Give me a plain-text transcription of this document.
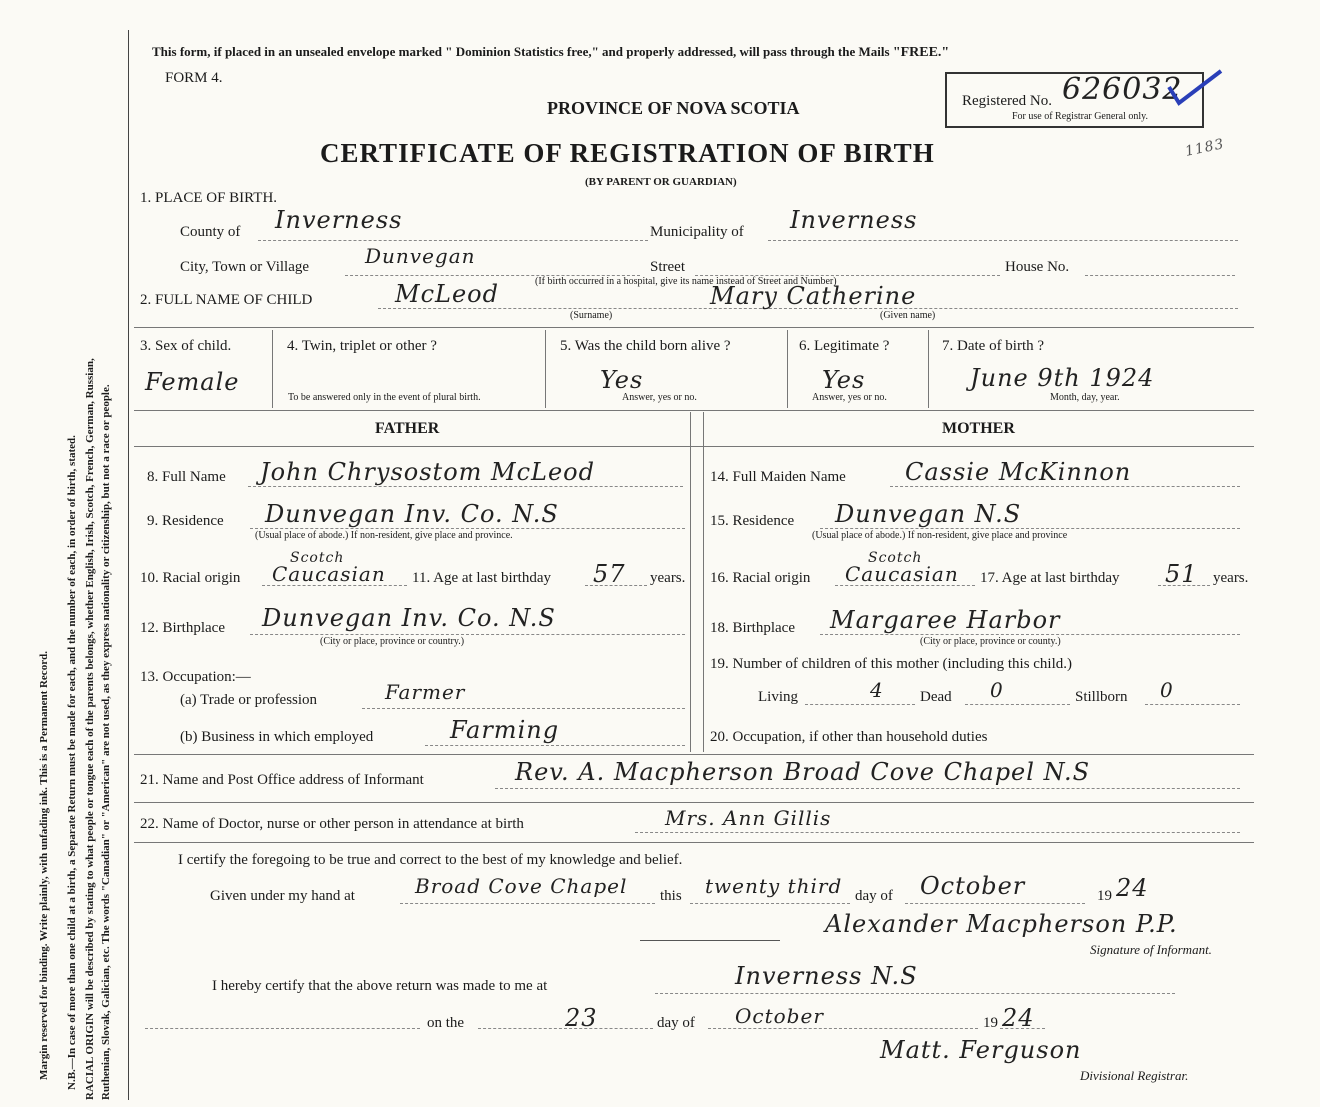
Margin reserved for binding. Write plainly, with unfading ink. This is a Permanent Record. N.B.—In case of more than one child at a birth, a Separate Return must be made for each, and the number of each, in order of birth, stated. RACIAL ORIGIN will be described by stating to what people or tongue each of the parents belongs, whether English, Irish, Scotch, French, German, Russian, Ruthenian, Slovak, Galician, etc. The words "Canadian" or "American" are not used, as they express nationality or citizenship, but not a race or people.
This form, if placed in an unsealed envelope marked " Dominion Statistics free," and properly addressed, will pass through the Mails "FREE."
FORM 4.
PROVINCE OF NOVA SCOTIA
CERTIFICATE OF REGISTRATION OF BIRTH
(BY PARENT OR GUARDIAN)
Registered No. 626032
For use of Registrar General only.
1183
1. PLACE OF BIRTH.
County of Inverness	Municipality of Inverness
City, Town or Village	Dunvegan	Street	House No.
(If birth occurred in a hospital, give its name instead of Street and Number)
2. FULL NAME OF CHILD	McLeod
(Surname)
Mary Catherine
(Given name)
3. Sex of child.
Female
4. Twin, triplet or other ?
To be answered only in the event of plural birth.
5. Was the child born alive ?
Yes
Answer, yes or no.
6. Legitimate ?
Yes
Answer, yes or no.
7. Date of birth ?
June 9th 1924
Month, day, year.
FATHER	MOTHER
8. Full Name John Chrysostom McLeod
9. Residence Dunvegan Inv. Co. N.S
(Usual place of abode.) If non-resident, give place and province.
10. Racial origin
Scotch
Caucasian 11. Age at last birthday 57 years.
12. Birthplace Dunvegan Inv. Co. N.S
(City or place, province or country.)
13. Occupation:—
(a) Trade or profession	Farmer
(b) Business in which employed	Farming
14. Full Maiden Name Cassie McKinnon
15. Residence Dunvegan N.S
(Usual place of abode.) If non-resident, give place and province
16. Racial origin
Scotch
Caucasian 17. Age at last birthday 51 years.
18. Birthplace Margaree Harbor
(City or place, province or county.)
19. Number of children of this mother (including this child.)
Living	4 Dead 0	Stillborn 0
20. Occupation, if other than household duties
21. Name and Post Office address of Informant	Rev. A. Macpherson Broad Cove Chapel N.S
22. Name of Doctor, nurse or other person in attendance at birth	Mrs. Ann Gillis
I certify the foregoing to be true and correct to the best of my knowledge and belief.
Given under my hand at	Broad Cove Chapel this twenty third day of October	19 24
Alexander Macpherson P.P.
Signature of Informant.
I hereby certify that the above return was made to me at	Inverness N.S
on the	23	day of October	19 24
Matt. Ferguson
Divisional Registrar.
